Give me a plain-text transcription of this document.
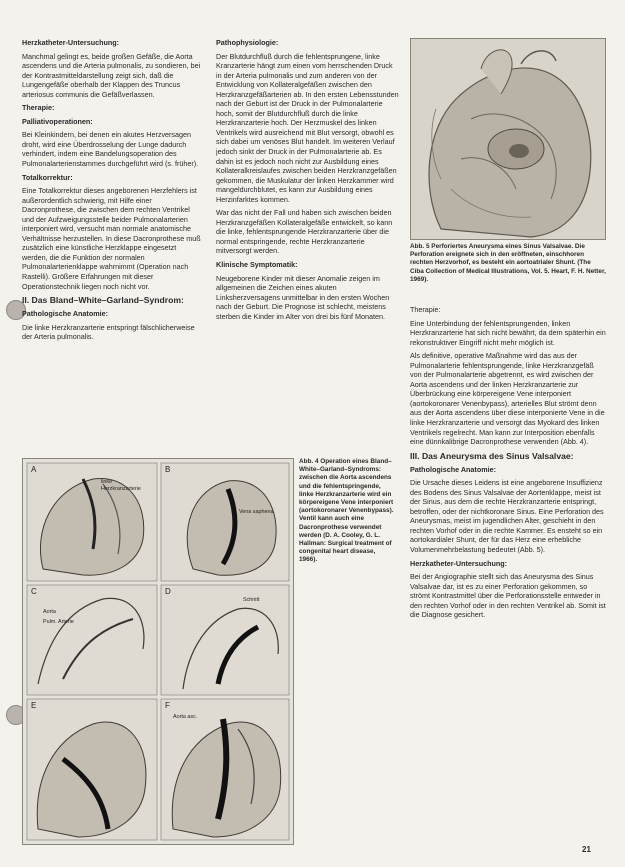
Herzkatheter-Untersuchung:

Manchmal gelingt es, beide großen Gefäße, die Aorta ascendens und die Arteria pulmonalis, zu sondieren, bei der Kontrastmitteldarstellung zeigt sich, daß die Lungengefäße oberhalb der Klappen des Truncus arteriosus communis die Gefäßverlassen.

Therapie:

Palliativoperationen:

Bei Kleinkindern, bei denen ein akutes Herzversagen droht, wird eine Überdrosselung der Lunge dadurch verhindert, indem eine Bandelungsoperation des Pulmonalarterienstammes durchgeführt wird (s. früher).

Totalkorrektur:

Eine Totalkorrektur dieses angeborenen Herzfehlers ist außerordentlich schwierig, mit Hilfe einer Dacronprothese, die zwischen dem rechten Ventrikel und der Aufzweigungsstelle beider Pulmonalarterien interponiert wird, versucht man normale anatomische Verhältnisse herzustellen. In diese Dacronprothese muß zusätzlich eine künstliche Herzklappe eingesetzt werden, die die Funktion der normalen Pulmonalarterienklappe wahrnimmt (Operation nach Rastelli). Größere Erfahrungen mit dieser Operationstechnik liegen noch nicht vor.

II. Das Bland–White–Garland–Syndrom:

Pathologische Anatomie:

Die linke Herzkranzarterie entspringt fälschlicherweise der Arteria pulmonalis.

Pathophysiologie:

Der Blutdurchfluß durch die fehlentsprungene, linke Kranzarterie hängt zum einen vom herrschenden Druck in der Arteria pulmonalis und zum anderen von der Entwicklung von Kollateralgefäßen zwischen den Herzkranzgefäßarterien ab. In den ersten Lebensstunden nach der Geburt ist der Druck in der Pulmonalarterie hoch, somit der Blutdurchfluß durch die linke Herzkranzarterie hoch. Der Herzmuskel des linken Ventrikels wird ausreichend mit Blut versorgt, obwohl es sich dabei um venöses Blut handelt. Im weiteren Verlauf jedoch sinkt der Druck in der Pulmonalarterie ab. Es dahin ist es jedoch noch nicht zur Ausbildung eines Kollateralkreislaufes zwischen beiden Herzkranzgefäßen gekommen, die Muskulatur der linken Herzkammer wird mangeldurchblutet, es kann zur Ausbildung eines Herzinfarktes kommen.

War das nicht der Fall und haben sich zwischen beiden Herzkranzgefäßen Kollateralgefäße entwickelt, so kann die linke, fehlentsprungende Herzkranzarterie über die normal entspringende, rechte Herzkranzarterie mitversorgt werden.

Klinische Symptomatik:

Neugeborene Kinder mit dieser Anomalie zeigen im allgemeinen die Zeichen eines akuten Linksherzversagens unmittelbar in den ersten Wochen nach der Geburt. Die Prognose ist schlecht, meistens sterben die Kinder im Alter von drei bis fünf Monaten.

Abb. 5 Perforiertes Aneurysma eines Sinus Valsalvae. Die Perforation ereignete sich in den eröffneten, einschhoren rechten Herzvorhof, es besteht ein aortoatrialer Shunt. (The Ciba Collection of Medical Illustrations, Vol. 5. Heart, F. H. Netter, 1969).

Therapie:

Eine Unterbindung der fehlentsprungenden, linken Herzkranzarterie hat sich nicht bewährt, da dem späterhin ein rekonstruktiver Eingriff nicht mehr möglich ist.

Als definitive, operative Maßnahme wird das aus der Pulmonalarterie fehlentsprungende, linke Herzkranzgefäß von der Pulmonalarterie abgetrennt, es wird zwischen der Aorta ascendens und der linken Herzkranzarterie zur Überbrückung eine körpereigene Vene interponiert (aortokoronarer Venenbypass), arterielles Blut strömt denn aus der Aorta ascendens über diese interponierte Vene in die linke Herzkranzarterie und versorgt das Myokard des linken Ventrikels regelrecht. Man kann zur Interposition ebenfalls eine dünnkalibrige Dacronprothese verwenden (Abb. 4).

III. Das Aneurysma des Sinus Valsalvae:

Pathologische Anatomie:

Die Ursache dieses Leidens ist eine angeborene Insuffizienz des Bodens des Sinus Valsalvae der Aortenklappe, meist ist der Sinus, aus dem die rechte Herzkranzarterie entspringt, betroffen, oder der nichtkoronare Sinus. Eine Perforation des Aneurysmas, meist im jugendlichen Alter, geschieht in den rechten Vorhof oder in die rechte Kammer. Es ensteht so ein aortokardialer Shunt, der für das Herz eine erhebliche Volumenmehrbelastung bedeutet (Abb. 5).

Herzkatheter-Untersuchung:

Bei der Angiographie stellt sich das Aneurysma des Sinus Valsalvae dar, ist es zu einer Perforation gekommen, so strömt Kontrastmittel über die Perforationsstelle entweder in den rechten Vorhof oder in den rechten Ventrikel ab. Somit ist die Diagnose gesichert.

A	B
C	D
E	F
linke Herzkranzarterie
Vena saphena
Aorta
Pulm. Arterie
Schnitt
Aorta asc.
Abb. 4 Operation eines Bland–White–Garland–Syndroms: zwischen die Aorta ascendens und die fehlentspringende, linke Herzkranzarterie wird ein körpereigene Vene interponiert (aortokoronarer Venenbypass). Ventil kann auch eine Dacronprothese verwendet werden (D. A. Cooley, G. L. Hallman: Surgical treatment of congenital heart disease, 1966).
21
